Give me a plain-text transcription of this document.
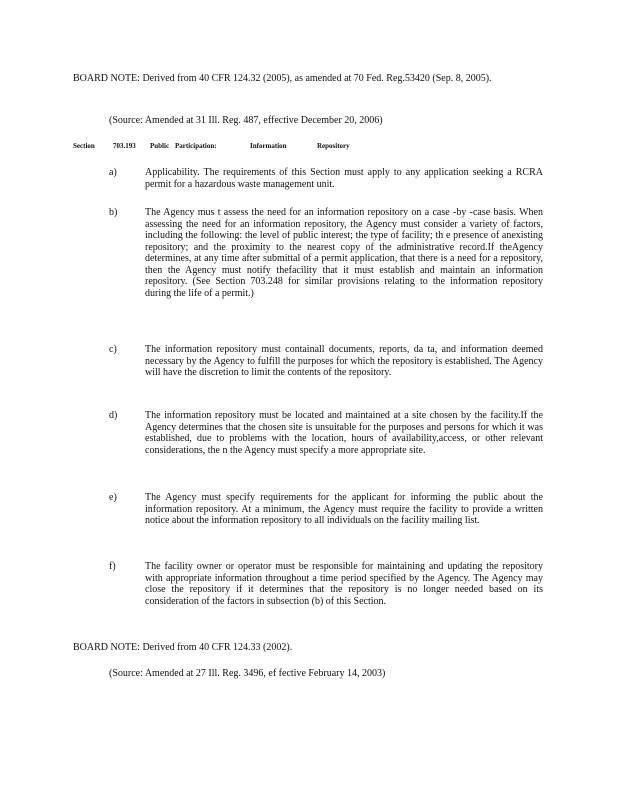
BOARD NOTE: Derived from 40 CFR 124.32 (2005), as amended at 70 Fed. Reg.53420 (Sep. 8, 2005).
(Source: Amended at 31 Ill. Reg. 487, effective December 20, 2006)
Section	703.193 Public Participation:	Information	Repository
a)	Applicability. The requirements of this Section must apply to any application seeking a RCRA permit for a hazardous waste management unit.
b)	The Agency mus t assess the need for an information repository on a case -by -case basis. When assessing the need for an information repository, the Agency must consider a variety of factors, including the following: the level of public interest; the type of facility; th e presence of anexisting repository; and the proximity to the nearest copy of the administrative record.If theAgency determines, at any time after submittal of a permit application, that there is a need for a repository, then the Agency must notify thefacility that it must establish and maintain an information repository. (See Section 703.248 for similar provisions relating to the information repository during the life of a permit.)
c)	The information repository must containall documents, reports, da ta, and information deemed necessary by the Agency to fulfill the purposes for which the repository is established. The Agency will have the discretion to limit the contents of the repository.
d)	The information repository must be located and maintained at a site chosen by the facility.If the Agency determines that the chosen site is unsuitable for the purposes and persons for which it was established, due to problems with the location, hours of availability,access, or other relevant considerations, the n the Agency must specify a more appropriate site.
e)	The Agency must specify requirements for the applicant for informing the public about the information repository. At a minimum, the Agency must require the facility to provide a written notice about the information repository to all individuals on the facility mailing list.
f)	The facility owner or operator must be responsible for maintaining and updating the repository with appropriate information throughout a time period specified by the Agency. The Agency may close the repository if it determines that the repository is no longer needed based on its consideration of the factors in subsection (b) of this Section.
BOARD NOTE: Derived from 40 CFR 124.33 (2002).
(Source: Amended at 27 Ill. Reg. 3496, ef fective February 14, 2003)
